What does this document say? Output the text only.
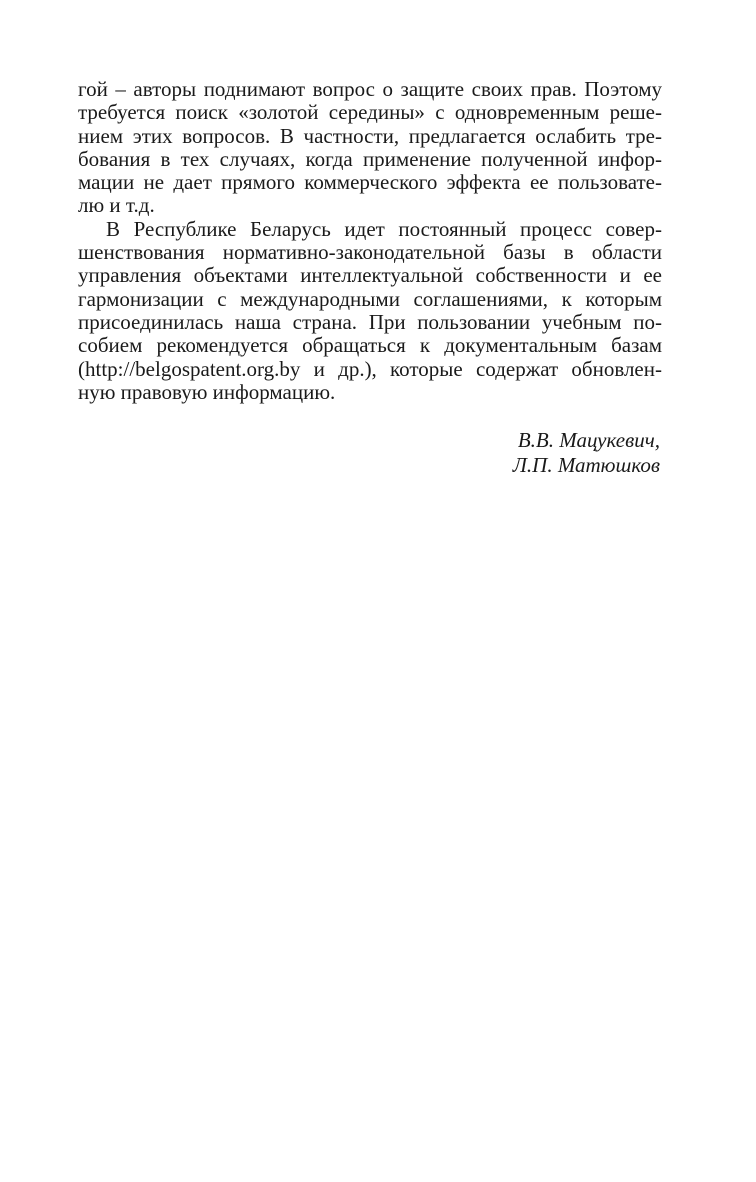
гой – авторы поднимают вопрос о защите своих прав. Поэтому
требуется поиск «золотой середины» с одновременным реше-
нием этих вопросов. В частности, предлагается ослабить тре-
бования в тех случаях, когда применение полученной инфор-
мации не дает прямого коммерческого эффекта ее пользовате-
лю и т.д.
В Республике Беларусь идет постоянный процесс совер-
шенствования нормативно-законодательной базы в области
управления объектами интеллектуальной собственности и ее
гармонизации с международными соглашениями, к которым
присоединилась наша страна. При пользовании учебным по-
собием рекомендуется обращаться к документальным базам
(http://belgospatent.org.by и др.), которые содержат обновлен-
ную правовую информацию.
В.В. Мацукевич,
Л.П. Матюшков
